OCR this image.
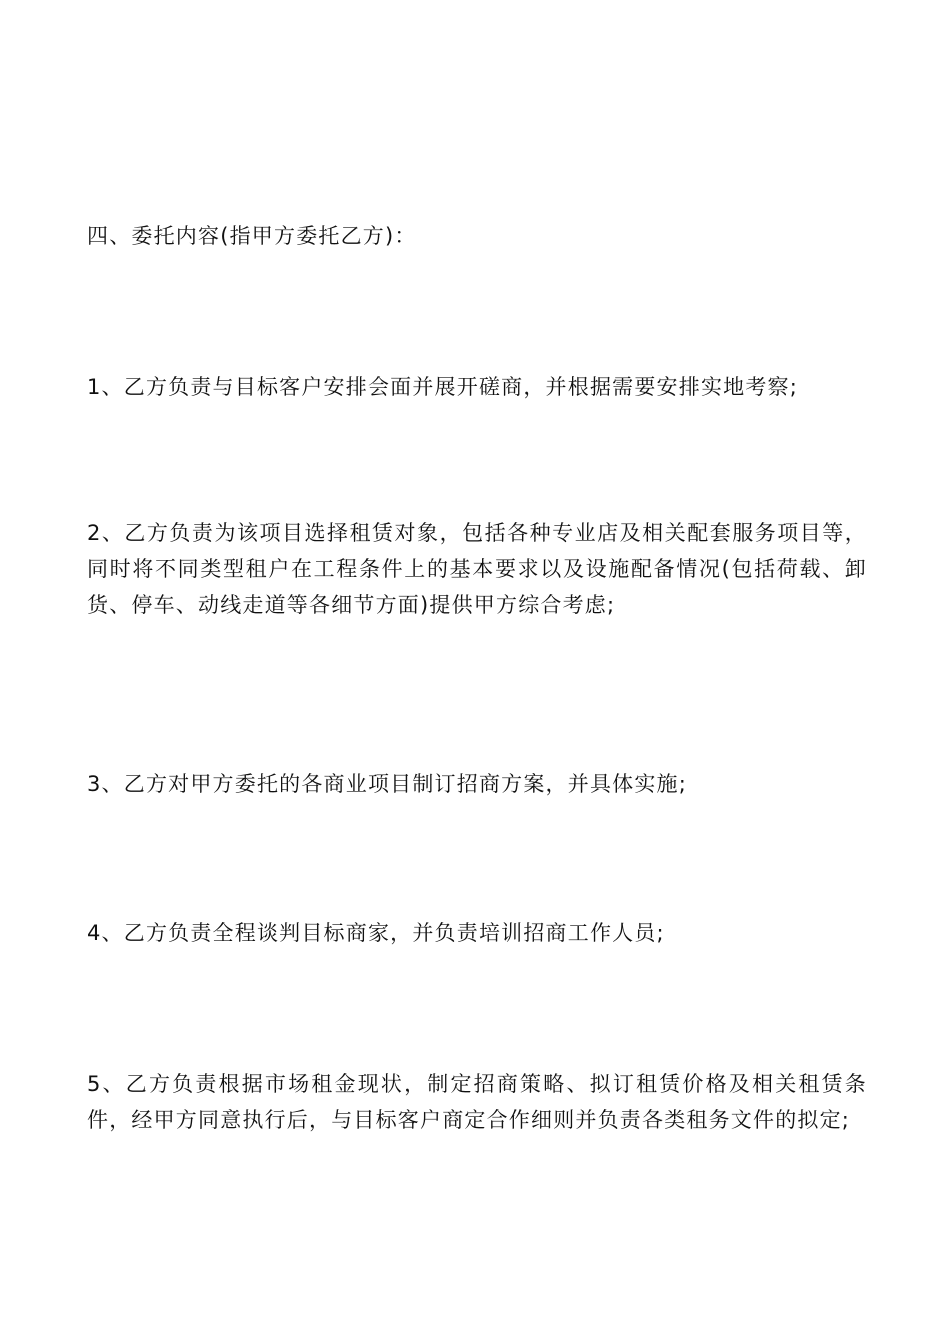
四、委托内容(指甲方委托乙方)：

1、乙方负责与目标客户安排会面并展开磋商，并根据需要安排实地考察;

2、乙方负责为该项目选择租赁对象，包括各种专业店及相关配套服务项目等，同时将不同类型租户在工程条件上的基本要求以及设施配备情况(包括荷载、卸货、停车、动线走道等各细节方面)提供甲方综合考虑;

3、乙方对甲方委托的各商业项目制订招商方案，并具体实施;

4、乙方负责全程谈判目标商家，并负责培训招商工作人员;

5、乙方负责根据市场租金现状，制定招商策略、拟订租赁价格及相关租赁条件，经甲方同意执行后，与目标客户商定合作细则并负责各类租务文件的拟定;
